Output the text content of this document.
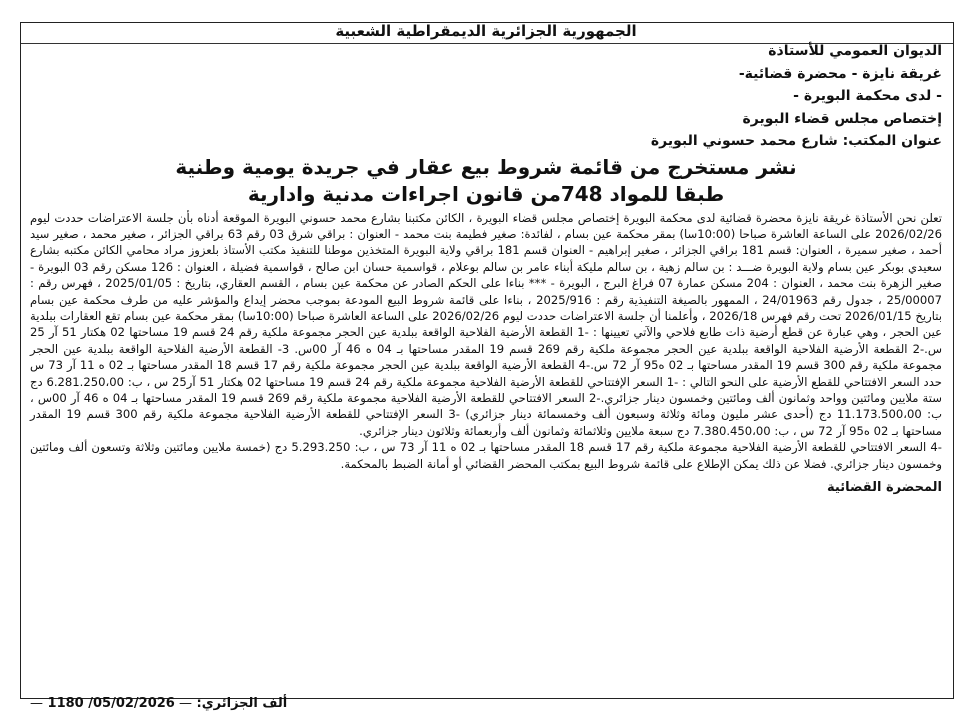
الجمهورية الجزائرية الديمقراطية الشعبية

الديوان العمومي للأستاذة

غريقة نايزة - محضرة قضائية-

- لدى محكمة البويرة -

إختصاص مجلس قضاء البويرة

عنوان المكتب: شارع محمد حسوني البويرة

نشر مستخرج من قائمة شروط بيع عقار في جريدة يومية وطنية

طبقا للمواد 748من قانون اجراءات مدنية وادارية

تعلن نحن الأستاذة غريقة نايزة محضرة قضائية لدى محكمة البويرة إختصاص مجلس قضاء البويرة ، الكائن مكتبنا بشارع محمد حسوني البويرة الموقعة أدناه بأن جلسة الاعتراضات حددت ليوم 2026/02/26 على الساعة العاشرة صباحا (10:00سا) بمقر محكمة عين بسام ، لفائدة: صغير فطيمة بنت محمد - العنوان : براقي شرق 03 رقم 63 براقي الجزائر ، صغير محمد ، صغير سيد أحمد ، صغير سميرة ، العنوان: قسم 181 براقي الجزائر ، صغير إبراهيم - العنوان قسم 181 براقي ولاية البويرة المتخذين موطنا للتنفيذ مكتب الأستاذ بلعزوز مراد محامي الكائن مكتبه بشارع سعيدي بوبكر عين بسام ولاية البويرة ضـــد : بن سالم زهية ، بن سالم مليكة أبناء عامر بن سالم بوعلام ، قواسمية حسان ابن صالح ، قواسمية فضيلة ، العنوان : 126 مسكن رقم 03 البويرة - صغير الزهرة بنت محمد ، العنوان : 204 مسكن عمارة 07 فراغ البرج ، البويرة - *** بناءا على الحكم الصادر عن محكمة عين بسام ، القسم العقاري، بتاريخ : 2025/01/05 ، فهرس رقم : 25/00007 ، جدول رقم 24/01963 ، الممهور بالصيغة التنفيذية رقم : 2025/916 ، بناءا على قائمة شروط البيع المودعة بموجب محضر إيداع والمؤشر عليه من طرف محكمة عين بسام بتاريخ 2026/01/15 تحت رقم فهرس 2026/18 ، وأعلمنا أن جلسة الاعتراضات حددت ليوم 2026/02/26 على الساعة العاشرة صباحا (10:00سا) بمقر محكمة عين بسام تقع العقارات ببلدية عين الحجر ، وهي عبارة عن قطع أرضية ذات طابع فلاحي والآتي تعيينها : -1 القطعة الأرضية الفلاحية الواقعة ببلدية عين الحجر مجموعة ملكية رقم 24 قسم 19 مساحتها 02 هكتار 51 آر 25 س.-2 القطعة الأرضية الفلاحية الواقعة ببلدية عين الحجر مجموعة ملكية رقم 269 قسم 19 المقدر مساحتها بـ 04 ه 46 آر 00س. 3- القطعة الأرضية الفلاحية الواقعة ببلدية عين الحجر مجموعة ملكية رقم 300 قسم 19 المقدر مساحتها بـ 02 ه95 آر 72 س.-4 القطعة الأرضية الواقعة ببلدية عين الحجر مجموعة ملكية رقم 17 قسم 18 المقدر مساحتها بـ 02 ه 11 آر 73 س حدد السعر الافتتاحي للقطع الأرضية على النحو التالي : -1 السعر الإفتتاحي للقطعة الأرضية الفلاحية مجموعة ملكية رقم 24 قسم 19 مساحتها 02 هكتار 51 آر25 س ، ب: 6.281.250،00 دج ستة ملايين ومائتين وواحد وثمانون ألف ومائتين وخمسون دينار جزائري.-2 السعر الافتتاحي للقطعة الأرضية الفلاحية مجموعة ملكية رقم 269 قسم 19 المقدر مساحتها بـ 04 ه 46 آر 00س ، ب: 11.173.500،00 دج (أحدى عشر مليون ومائة وثلاثة وسبعون ألف وخمسمائة دينار جزائري) -3 السعر الإفتتاحي للقطعة الأرضية الفلاحية مجموعة ملكية رقم 300 قسم 19 المقدر مساحتها بـ 02 ه95 آر 72 س ، ب: 7.380.450،00 دج سبعة ملايين وثلاثمائة وثمانون ألف وأربعمائة وثلاثون دينار جزائري.

-4 السعر الافتتاحي للقطعة الأرضية الفلاحية مجموعة ملكية رقم 17 قسم 18 المقدر مساحتها بـ 02 ه 11 آر 73 س ، ب: 5.293.250 دج (خمسة ملايين ومائتين وثلاثة وتسعون ألف ومائتين وخمسون دينار جزائري. فضلا عن ذلك يمكن الإطلاع على قائمة شروط البيع بمكتب المحضر القضائي أو أمانة الضبط بالمحكمة.

المحضرة القضائية

ألف الجزائري: — 1180 /05/02/2026 —
